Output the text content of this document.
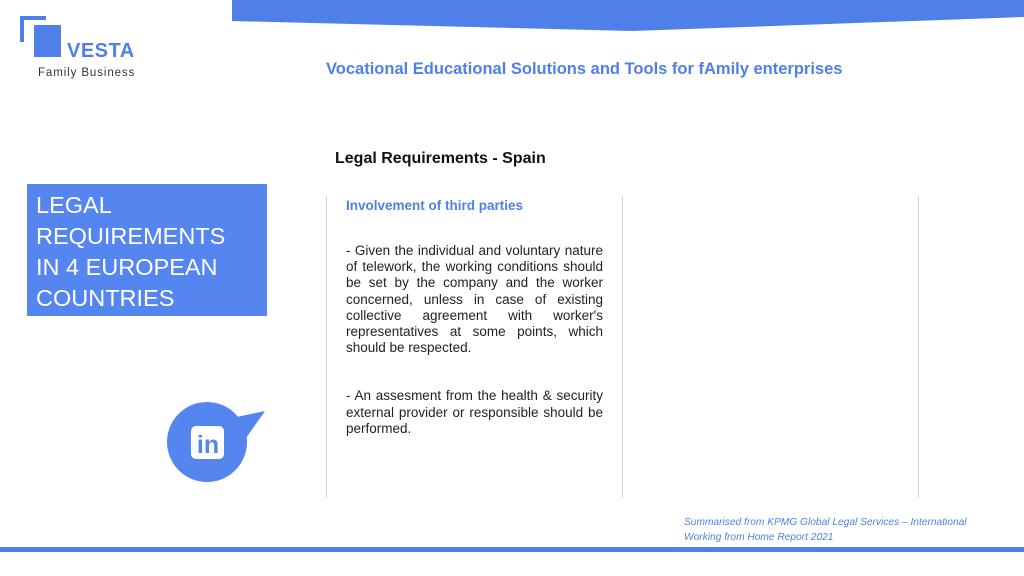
VESTA
Family Business	Vocational Educational Solutions and Tools for fAmily enterprises
Legal Requirements - Spain
LEGAL
REQUIREMENTS
IN 4 EUROPEAN
COUNTRIES

Involvement of third parties

- Given the individual and voluntary nature of telework, the working conditions should be set by the company and the worker concerned, unless in case of existing collective agreement with worker's representatives at some points, which should be respected.

- An assesment from the health & security external provider or responsible should be performed.

in
Summarised from KPMG Global Legal Services – International
Working from Home Report 2021
